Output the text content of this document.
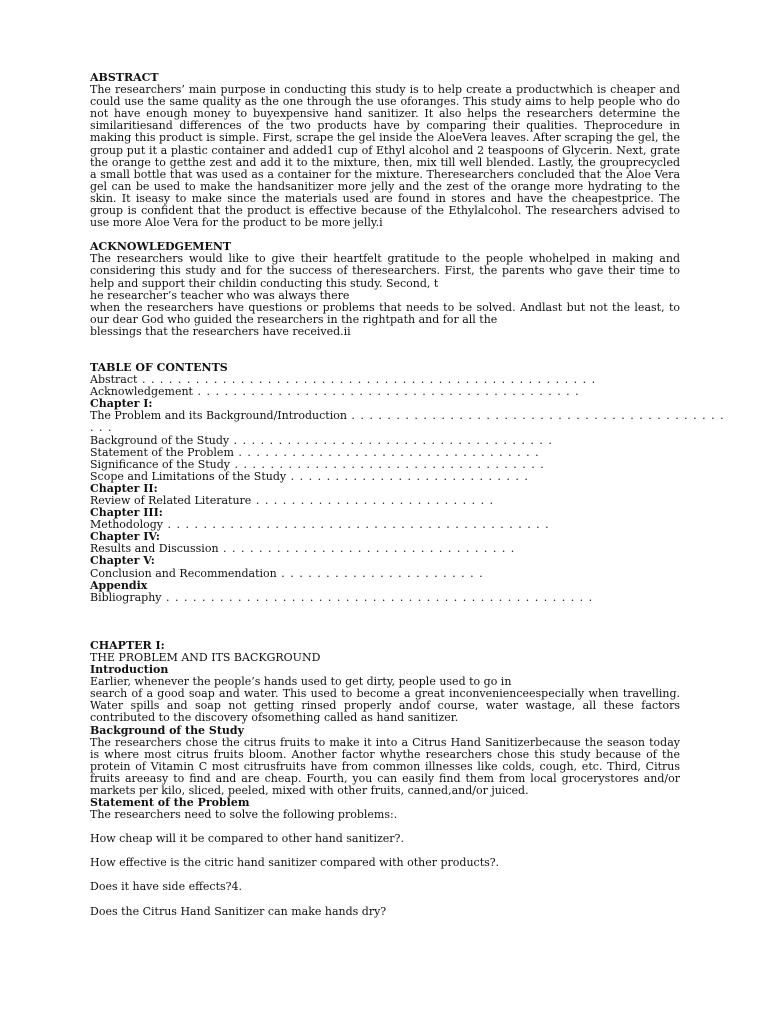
ABSTRACT
The researchers’ main purpose in conducting this study is to help create a productwhich is cheaper and could use the same quality as the one through the use oforanges. This study aims to help people who do not have enough money to buyexpensive hand sanitizer. It also helps the researchers determine the similaritiesand differences of the two products have by comparing their qualities. Theprocedure in making this product is simple. First, scrape the gel inside the AloeVera leaves. After scraping the gel, the group put it a plastic container and added1 cup of Ethyl alcohol and 2 teaspoons of Glycerin. Next, grate the orange to getthe zest and add it to the mixture, then, mix till well blended. Lastly, the grouprecycled a small bottle that was used as a container for the mixture. Theresearchers concluded that the Aloe Vera gel can be used to make the handsanitizer more jelly and the zest of the orange more hydrating to the skin. It iseasy to make since the materials used are found in stores and have the cheapestprice. The group is confident that the product is effective because of the Ethylalcohol. The researchers advised to use more Aloe Vera for the product to be more jelly.i
ACKNOWLEDGEMENT
The researchers would like to give their heartfelt gratitude to the people whohelped in making and considering this study and for the success of theresearchers. First, the parents who gave their time to help and support their childin conducting this study. Second, t
he researcher’s teacher who was always there
when the researchers have questions or problems that needs to be solved. Andlast but not the least, to our dear God who guided the researchers in the rightpath and for all the
blessings that the researchers have received.ii
TABLE OF CONTENTS
Abstract . . . . . . . . . . . . . . . . . . . . . . . . . . . . . . . . . . . . . . . . . . . . . . . . . . .
Acknowledgement . . . . . . . . . . . . . . . . . . . . . . . . . . . . . . . . . . . . . . . . . . .
Chapter I:
The Problem and its Background/Introduction . . . . . . . . . . . . . . . . . . . . . . . . . . . . . . . . . . . . . . . . . .
. . .
Background of the Study . . . . . . . . . . . . . . . . . . . . . . . . . . . . . . . . . . . .
Statement of the Problem . . . . . . . . . . . . . . . . . . . . . . . . . . . . . . . . . .
Significance of the Study . . . . . . . . . . . . . . . . . . . . . . . . . . . . . . . . . . .
Scope and Limitations of the Study . . . . . . . . . . . . . . . . . . . . . . . . . . .
Chapter II:
Review of Related Literature . . . . . . . . . . . . . . . . . . . . . . . . . . .
Chapter III:
Methodology . . . . . . . . . . . . . . . . . . . . . . . . . . . . . . . . . . . . . . . . . . .
Chapter IV:
Results and Discussion . . . . . . . . . . . . . . . . . . . . . . . . . . . . . . . . .
Chapter V:
Conclusion and Recommendation . . . . . . . . . . . . . . . . . . . . . . .
Appendix
Bibliography . . . . . . . . . . . . . . . . . . . . . . . . . . . . . . . . . . . . . . . . . . . . . . . .
CHAPTER I:
THE PROBLEM AND ITS BACKGROUND
Introduction
Earlier, whenever the people’s hands used to get dirty, people used to go in
search of a good soap and water. This used to become a great inconvenienceespecially when travelling. Water spills and soap not getting rinsed properly andof course, water wastage, all these factors contributed to the discovery ofsomething called as hand sanitizer.
Background of the Study
The researchers chose the citrus fruits to make it into a Citrus Hand Sanitizerbecause the season today is where most citrus fruits bloom. Another factor whythe researchers chose this study because of the protein of Vitamin C most citrusfruits have from common illnesses like colds, cough, etc. Third, Citrus fruits areeasy to find and are cheap. Fourth, you can easily find them from local grocerystores and/or markets per kilo, sliced, peeled, mixed with other fruits, canned,and/or juiced.
Statement of the Problem
The researchers need to solve the following problems:.
How cheap will it be compared to other hand sanitizer?.
How effective is the citric hand sanitizer compared with other products?.
Does it have side effects?4.
Does the Citrus Hand Sanitizer can make hands dry?
